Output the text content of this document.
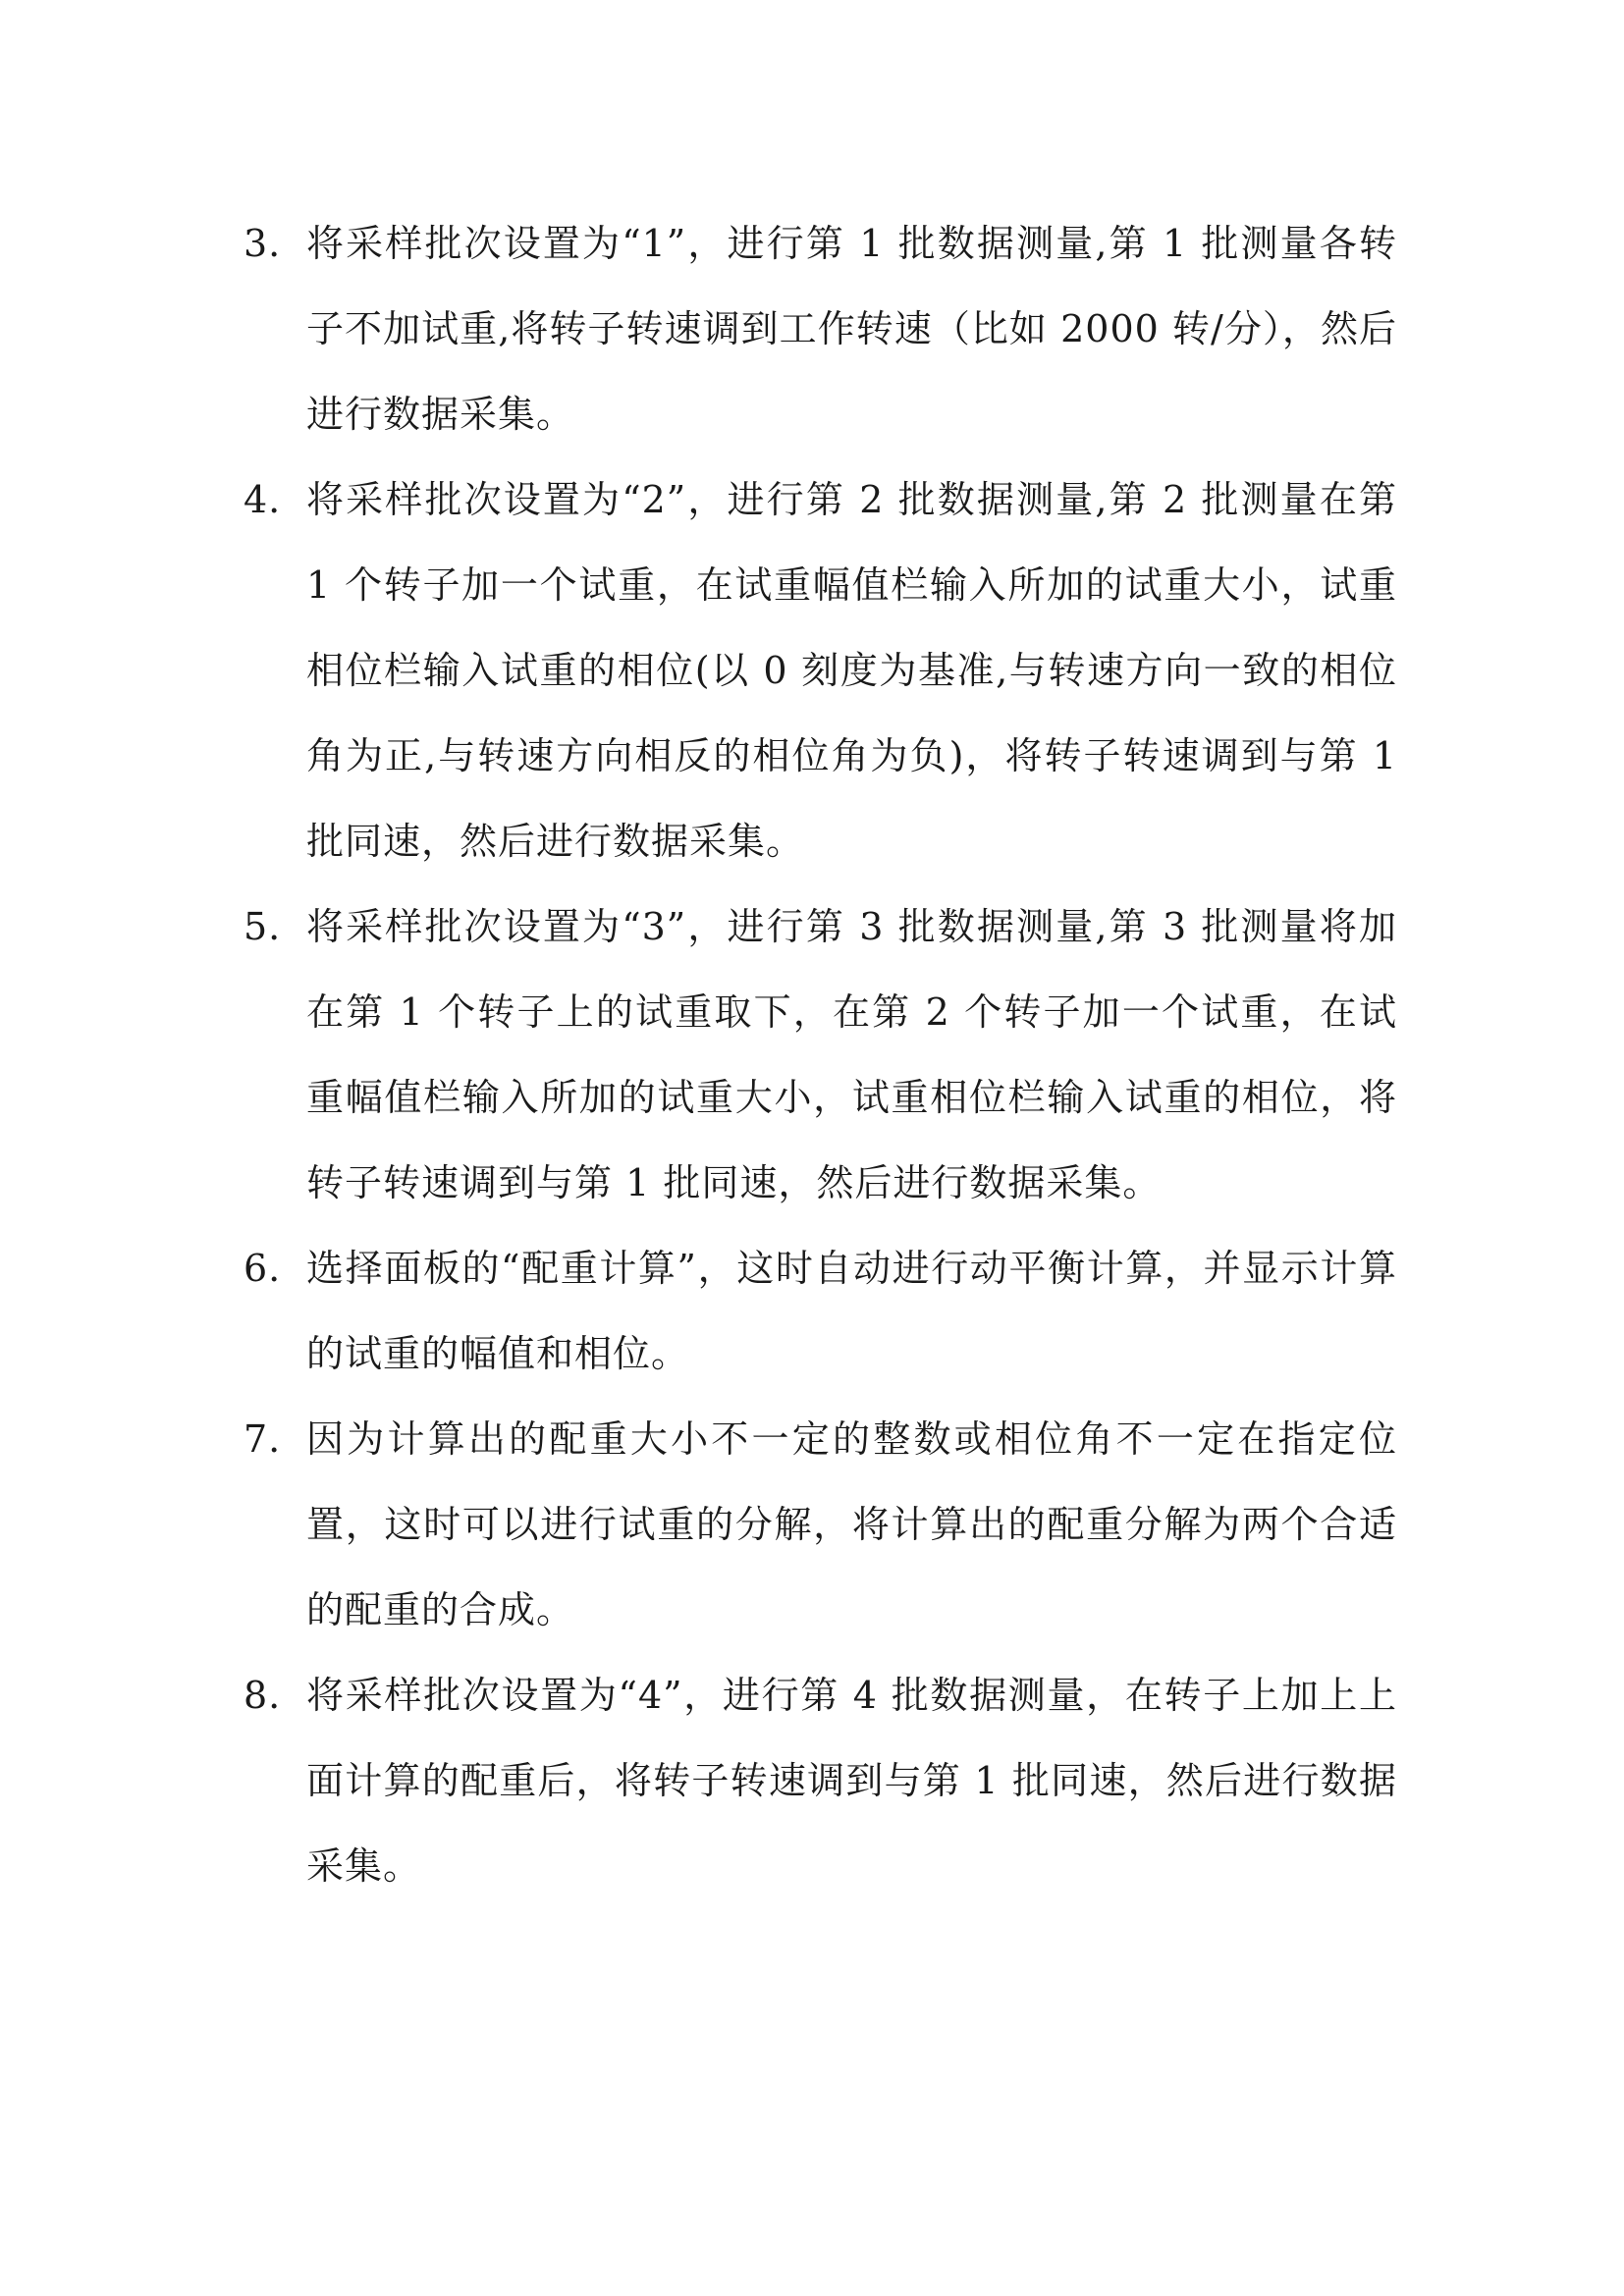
3. 将采样批次设置为“1”，进行第 1 批数据测量,第 1 批测量各转子不加试重,将转子转速调到工作转速（比如 2000 转/分），然后进行数据采集。
4. 将采样批次设置为“2”，进行第 2 批数据测量,第 2 批测量在第 1 个转子加一个试重，在试重幅值栏输入所加的试重大小，试重相位栏输入试重的相位(以 0 刻度为基准,与转速方向一致的相位角为正,与转速方向相反的相位角为负)，将转子转速调到与第 1 批同速，然后进行数据采集。
5. 将采样批次设置为“3”，进行第 3 批数据测量,第 3 批测量将加在第 1 个转子上的试重取下，在第 2 个转子加一个试重，在试重幅值栏输入所加的试重大小，试重相位栏输入试重的相位，将转子转速调到与第 1 批同速，然后进行数据采集。
6. 选择面板的“配重计算”，这时自动进行动平衡计算，并显示计算的试重的幅值和相位。
7. 因为计算出的配重大小不一定的整数或相位角不一定在指定位置，这时可以进行试重的分解，将计算出的配重分解为两个合适的配重的合成。
8. 将采样批次设置为“4”，进行第 4 批数据测量，在转子上加上上面计算的配重后，将转子转速调到与第 1 批同速，然后进行数据采集。
